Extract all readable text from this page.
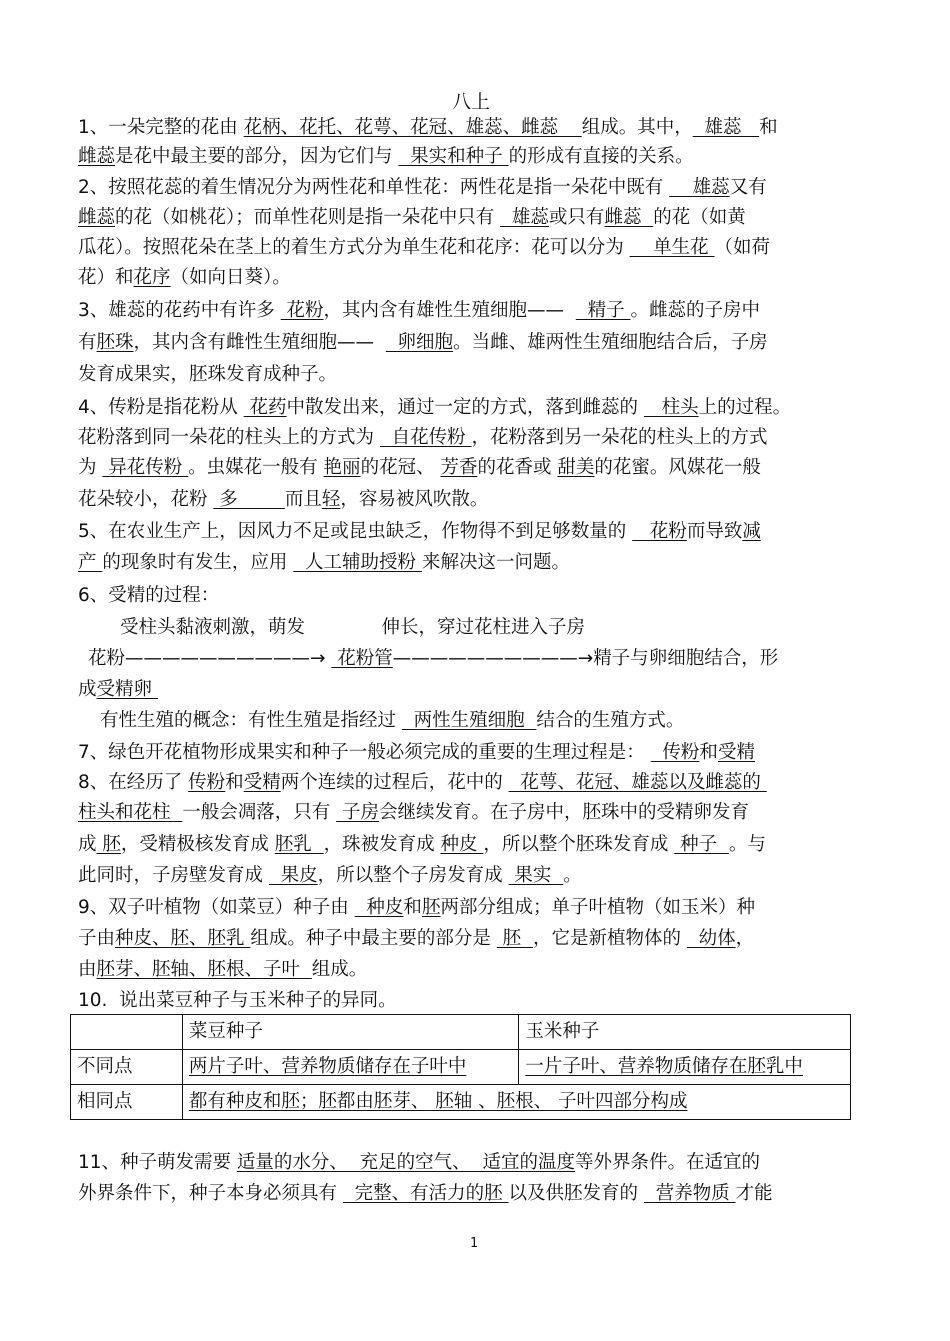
八上
1、一朵完整的花由 花柄、花托、花萼、花冠、雄蕊、雌蕊    组成。其中，  雄蕊   和
雌蕊是花中最主要的部分，因为它们与   果实和种子 的形成有直接的关系。
2、按照花蕊的着生情况分为两性花和单性花：两性花是指一朵花中既有     雄蕊又有
雌蕊的花（如桃花）；而单性花则是指一朵花中只有   雄蕊或只有雌蕊  的花（如黄
瓜花）。按照花朵在茎上的着生方式分为单生花和花序：花可以分为     单生花 （如荷
花）和花序（如向日葵）。
3、雄蕊的花药中有许多  花粉，其内含有雄性生殖细胞——    精子 。雌蕊的子房中
有胚珠，其内含有雌性生殖细胞——    卵细胞。当雌、雄两性生殖细胞结合后，子房
发育成果实，胚珠发育成种子。
4、传粉是指花粉从  花药中散发出来，通过一定的方式，落到雌蕊的    柱头上的过程。
花粉落到同一朵花的柱头上的方式为   自花传粉 ，花粉落到另一朵花的柱头上的方式
为  异花传粉 。虫媒花一般有 艳丽的花冠、 芳香的花香或 甜美的花蜜。风媒花一般
花朵较小，花粉  多        而且轻，容易被风吹散。
5、在农业生产上，因风力不足或昆虫缺乏，作物得不到足够数量的    花粉而导致减
产 的现象时有发生，应用   人工辅助授粉 来解决这一问题。
6、受精的过程：
受柱头黏液刺激，萌发             伸长，穿过花柱进入子房
花粉——————————→  花粉管——————————→精子与卵细胞结合，形
成受精卵
有性生殖的概念：有性生殖是指经过   两性生殖细胞  结合的生殖方式。
7、绿色开花植物形成果实和种子一般必须完成的重要的生理过程是：   传粉和受精
8、在经历了 传粉和受精两个连续的过程后，花中的   花萼、花冠、雄蕊以及雌蕊的
柱头和花柱  一般会凋落，只有  子房会继续发育。在子房中，胚珠中的受精卵发育
成 胚，受精极核发育成 胚乳  ，珠被发育成 种皮 ，所以整个胚珠发育成  种子  。与
此同时，子房壁发育成   果皮，所以整个子房发育成  果实  。
9、双子叶植物（如菜豆）种子由   种皮和胚两部分组成；单子叶植物（如玉米）种
子由种皮、胚、胚乳 组成。种子中最主要的部分是  胚  ，它是新植物体的   幼体，
由胚芽、胚轴、胚根、子叶  组成。
10.  说出菜豆种子与玉米种子的异同。
11、种子萌发需要 适量的水分、  充足的空气、  适宜的温度等外界条件。在适宜的
外界条件下，种子本身必须具有   完整、有活力的胚 以及供胚发育的   营养物质 才能
	菜豆种子	玉米种子
不同点	两片子叶、营养物质储存在子叶中	一片子叶、营养物质储存在胚乳中
相同点	都有种皮和胚；胚都由胚芽、 胚轴 、胚根、 子叶四部分构成	
1
